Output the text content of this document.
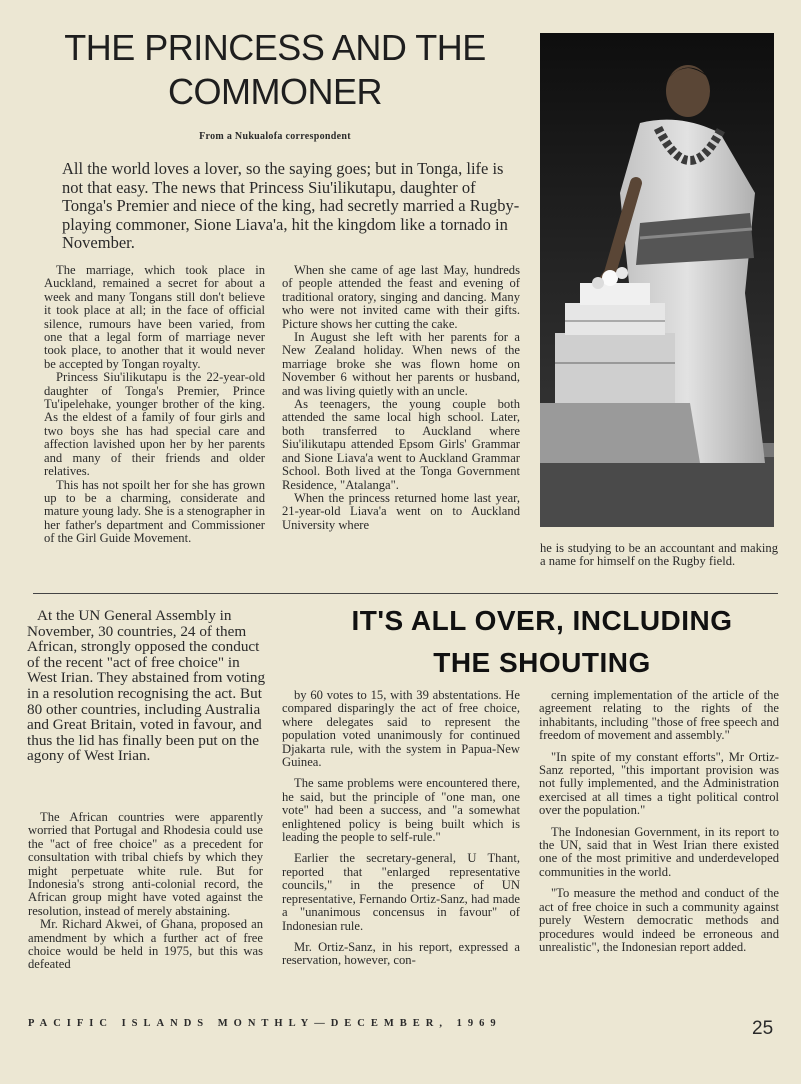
THE PRINCESS AND THE
COMMONER
From a Nukualofa correspondent
All the world loves a lover, so the saying goes; but in Tonga, life is not that easy. The news that Princess Siu'ilikutapu, daughter of Tonga's Premier and niece of the king, had secretly married a Rugby-playing commoner, Sione Liava'a, hit the kingdom like a tornado in November.

The marriage, which took place in Auckland, remained a secret for about a week and many Tongans still don't believe it took place at all; in the face of official silence, rumours have been varied, from one that a legal form of marriage never took place, to another that it would never be accepted by Tongan royalty.

Princess Siu'ilikutapu is the 22-year-old daughter of Tonga's Premier, Prince Tu'ipelehake, younger brother of the king. As the eldest of a family of four girls and two boys she has had special care and affection lavished upon her by her parents and many of their friends and older relatives.

This has not spoilt her for she has grown up to be a charming, considerate and mature young lady. She is a stenographer in her father's department and Commissioner of the Girl Guide Movement.

When she came of age last May, hundreds of people attended the feast and evening of traditional oratory, singing and dancing. Many who were not invited came with their gifts. Picture shows her cutting the cake.

In August she left with her parents for a New Zealand holiday. When news of the marriage broke she was flown home on November 6 without her parents or husband, and was living quietly with an uncle.

As teenagers, the young couple both attended the same local high school. Later, both transferred to Auckland where Siu'ilikutapu attended Epsom Girls' Grammar and Sione Liava'a went to Auckland Grammar School. Both lived at the Tonga Government Residence, "Atalanga".

When the princess returned home last year, 21-year-old Liava'a went on to Auckland University where

he is studying to be an accountant and making a name for himself on the Rugby field.
IT'S ALL OVER, INCLUDING
THE SHOUTING

At the UN General Assembly in November, 30 countries, 24 of them African, strongly opposed the conduct of the recent "act of free choice" in West Irian. They abstained from voting in a resolution recognising the act. But 80 other countries, including Australia and Great Britain, voted in favour, and thus the lid has finally been put on the agony of West Irian.

The African countries were apparently worried that Portugal and Rhodesia could use the "act of free choice" as a precedent for consultation with tribal chiefs by which they might perpetuate white rule. But for Indonesia's strong anti-colonial record, the African group might have voted against the resolution, instead of merely abstaining.

Mr. Richard Akwei, of Ghana, proposed an amendment by which a further act of free choice would be held in 1975, but this was defeated

by 60 votes to 15, with 39 abstentations. He compared disparingly the act of free choice, where delegates said to represent the population voted unanimously for continued Djakarta rule, with the system in Papua-New Guinea.

The same problems were encountered there, he said, but the principle of "one man, one vote" had been a success, and "a somewhat enlightened policy is being built which is leading the people to self-rule."

Earlier the secretary-general, U Thant, reported that "enlarged representative councils," in the presence of UN representative, Fernando Ortiz-Sanz, had made a "unanimous concensus in favour" of Indonesian rule.

Mr. Ortiz-Sanz, in his report, expressed a reservation, however, con-

cerning implementation of the article of the agreement relating to the rights of the inhabitants, including "those of free speech and freedom of movement and assembly."

"In spite of my constant efforts", Mr Ortiz-Sanz reported, "this important provision was not fully implemented, and the Administration exercised at all times a tight political control over the population."

The Indonesian Government, in its report to the UN, said that in West Irian there existed one of the most primitive and underdeveloped communities in the world.

"To measure the method and conduct of the act of free choice in such a community against purely Western democratic methods and procedures would indeed be erroneous and unrealistic", the Indonesian report added.

PACIFIC ISLANDS MONTHLY—DECEMBER, 1969	25
